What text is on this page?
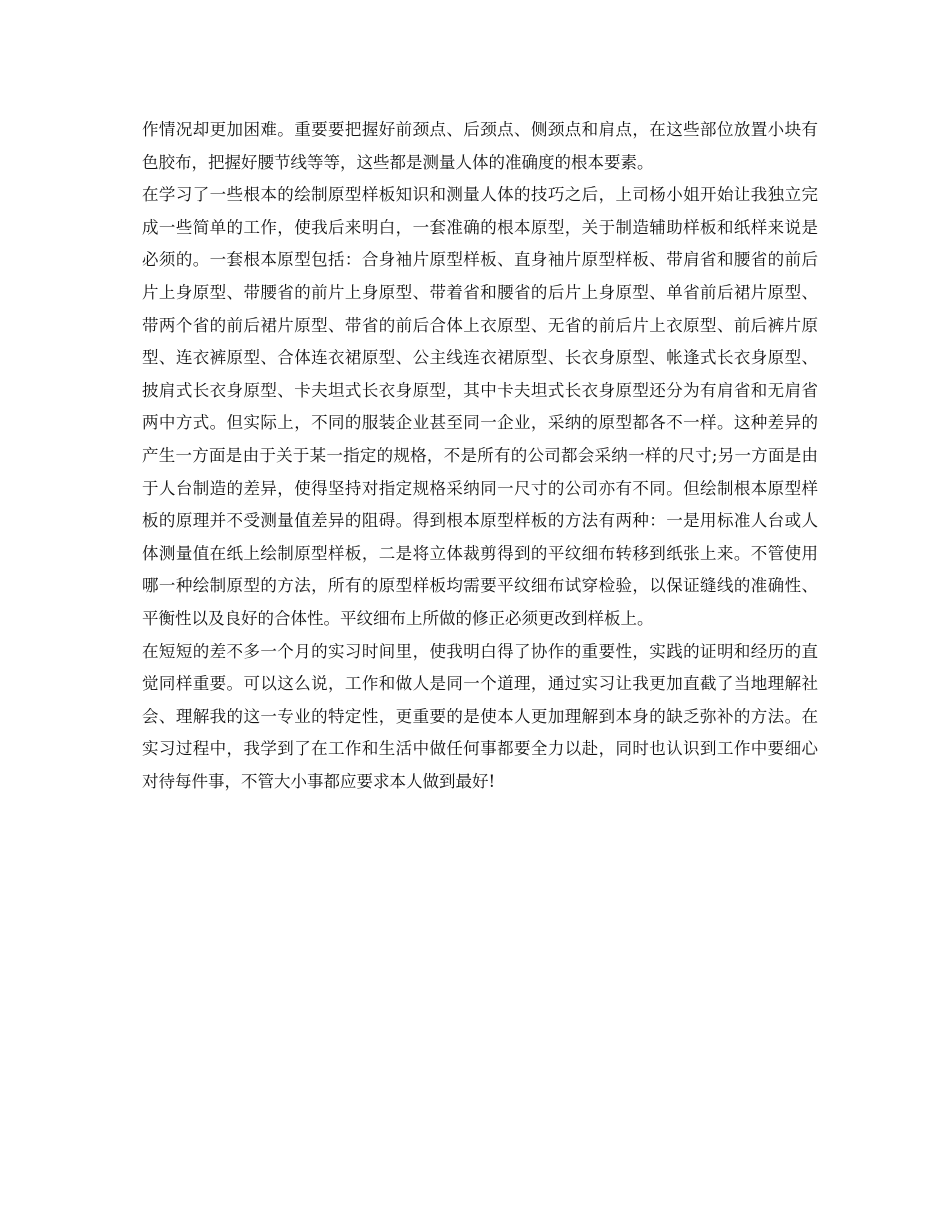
作情况却更加困难。重要要把握好前颈点、后颈点、侧颈点和肩点，在这些部位放置小块有色胶布，把握好腰节线等等，这些都是测量人体的准确度的根本要素。

在学习了一些根本的绘制原型样板知识和测量人体的技巧之后，上司杨小姐开始让我独立完成一些简单的工作，使我后来明白，一套准确的根本原型，关于制造辅助样板和纸样来说是必须的。一套根本原型包括：合身袖片原型样板、直身袖片原型样板、带肩省和腰省的前后片上身原型、带腰省的前片上身原型、带着省和腰省的后片上身原型、单省前后裙片原型、带两个省的前后裙片原型、带省的前后合体上衣原型、无省的前后片上衣原型、前后裤片原型、连衣裤原型、合体连衣裙原型、公主线连衣裙原型、长衣身原型、帐逢式长衣身原型、披肩式长衣身原型、卡夫坦式长衣身原型，其中卡夫坦式长衣身原型还分为有肩省和无肩省两中方式。但实际上，不同的服装企业甚至同一企业，采纳的原型都各不一样。这种差异的产生一方面是由于关于某一指定的规格，不是所有的公司都会采纳一样的尺寸;另一方面是由于人台制造的差异，使得坚持对指定规格采纳同一尺寸的公司亦有不同。但绘制根本原型样板的原理并不受测量值差异的阻碍。得到根本原型样板的方法有两种：一是用标准人台或人体测量值在纸上绘制原型样板，二是将立体裁剪得到的平纹细布转移到纸张上来。不管使用哪一种绘制原型的方法，所有的原型样板均需要平纹细布试穿检验，以保证缝线的准确性、平衡性以及良好的合体性。平纹细布上所做的修正必须更改到样板上。

在短短的差不多一个月的实习时间里，使我明白得了协作的重要性，实践的证明和经历的直觉同样重要。可以这么说，工作和做人是同一个道理，通过实习让我更加直截了当地理解社会、理解我的这一专业的特定性，更重要的是使本人更加理解到本身的缺乏弥补的方法。在实习过程中，我学到了在工作和生活中做任何事都要全力以赴，同时也认识到工作中要细心对待每件事，不管大小事都应要求本人做到最好!
